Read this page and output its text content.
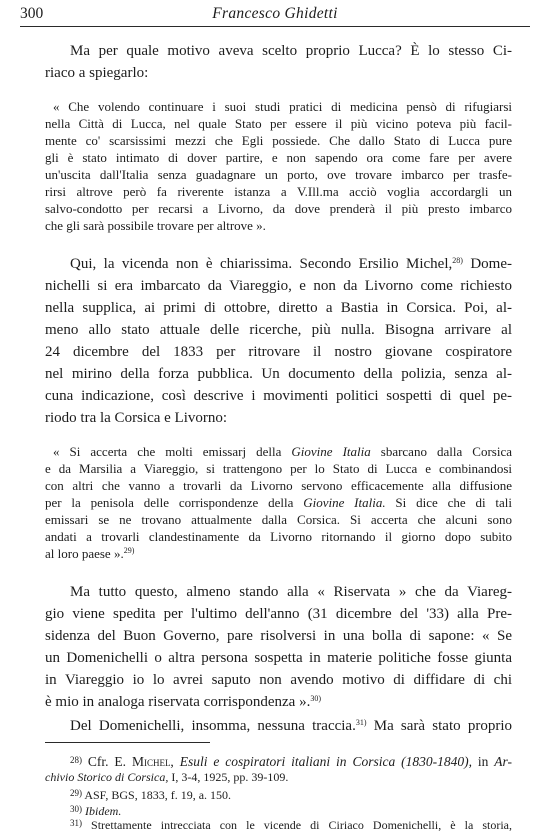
300	Francesco Ghidetti
Ma per quale motivo aveva scelto proprio Lucca? È lo stesso Ci-
riaco a spiegarlo:
« Che volendo continuare i suoi studi pratici di medicina pensò di rifugiarsi
nella Città di Lucca, nel quale Stato per essere il più vicino poteva più facil-
mente co' scarsissimi mezzi che Egli possiede. Che dallo Stato di Lucca pure
gli è stato intimato di dover partire, e non sapendo ora come fare per avere
un'uscita dall'Italia senza guadagnare un porto, ove trovare imbarco per trasfe-
rirsi altrove però fa riverente istanza a V.Ill.ma acciò voglia accordargli un
salvo-condotto per recarsi a Livorno, da dove prenderà il più presto imbarco
che gli sarà possibile trovare per altrove ».
Qui, la vicenda non è chiarissima. Secondo Ersilio Michel,$^{28)}$ Dome-
nichelli si era imbarcato da Viareggio, e non da Livorno come richiesto
nella supplica, ai primi di ottobre, diretto a Bastia in Corsica. Poi, al-
meno allo stato attuale delle ricerche, più nulla. Bisogna arrivare al
24 dicembre del 1833 per ritrovare il nostro giovane cospiratore
nel mirino della forza pubblica. Un documento della polizia, senza al-
cuna indicazione, così descrive i movimenti politici sospetti di quel pe-
riodo tra la Corsica e Livorno:
« Si accerta che molti emissarj della Giovine Italia sbarcano dalla Corsica
e da Marsilia a Viareggio, si trattengono per lo Stato di Lucca e combinandosi
con altri che vanno a trovarli da Livorno servono efficacemente alla diffusione
per la penisola delle corrispondenze della Giovine Italia. Si dice che di tali
emissari se ne trovano attualmente dalla Corsica. Si accerta che alcuni sono
andati a trovarli clandestinamente da Livorno ritornando il giorno dopo subito
al loro paese ».$^{29)}$
Ma tutto questo, almeno stando alla « Riservata » che da Viareg-
gio viene spedita per l'ultimo dell'anno (31 dicembre del '33) alla Pre-
sidenza del Buon Governo, pare risolversi in una bolla di sapone: « Se
un Domenichelli o altra persona sospetta in materie politiche fosse giunta
in Viareggio io lo avrei saputo non avendo motivo di diffidare di chi
è mio in analoga riservata corrispondenza ».$^{30)}$
Del Domenichelli, insomma, nessuna traccia.$^{31)}$ Ma sarà stato proprio
$^{28)}$ Cfr. E. Michel, Esuli e cospiratori italiani in Corsica (1830-1840), in Ar-
chivio Storico di Corsica, I, 3-4, 1925, pp. 39-109.
$^{29)}$ ASF, BGS, 1833, f. 19, a. 150.
$^{30)}$ Ibidem.
$^{31)}$ Strettamente intrecciata con le vicende di Ciriaco Domenichelli, è la storia,
